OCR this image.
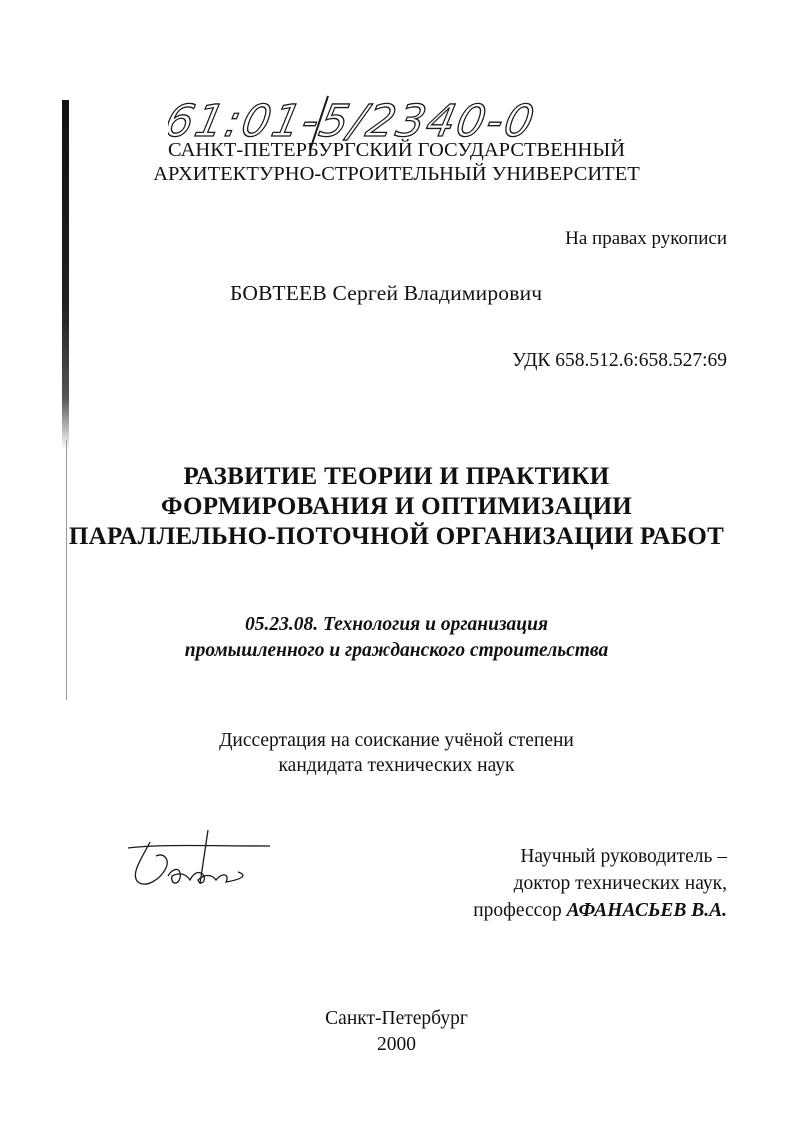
61:01-5/2340-0
САНКТ-ПЕТЕРБУРГСКИЙ ГОСУДАРСТВЕННЫЙ
АРХИТЕКТУРНО-СТРОИТЕЛЬНЫЙ УНИВЕРСИТЕТ
На правах рукописи
БОВТЕЕВ Сергей Владимирович
УДК 658.512.6:658.527:69
РАЗВИТИЕ ТЕОРИИ И ПРАКТИКИ
ФОРМИРОВАНИЯ И ОПТИМИЗАЦИИ
ПАРАЛЛЕЛЬНО-ПОТОЧНОЙ ОРГАНИЗАЦИИ РАБОТ
05.23.08. Технология и организация
промышленного и гражданского строительства
Диссертация на соискание учёной степени
кандидата технических наук
Научный руководитель –
доктор технических наук,
профессор АФАНАСЬЕВ В.А.
Санкт-Петербург
2000
